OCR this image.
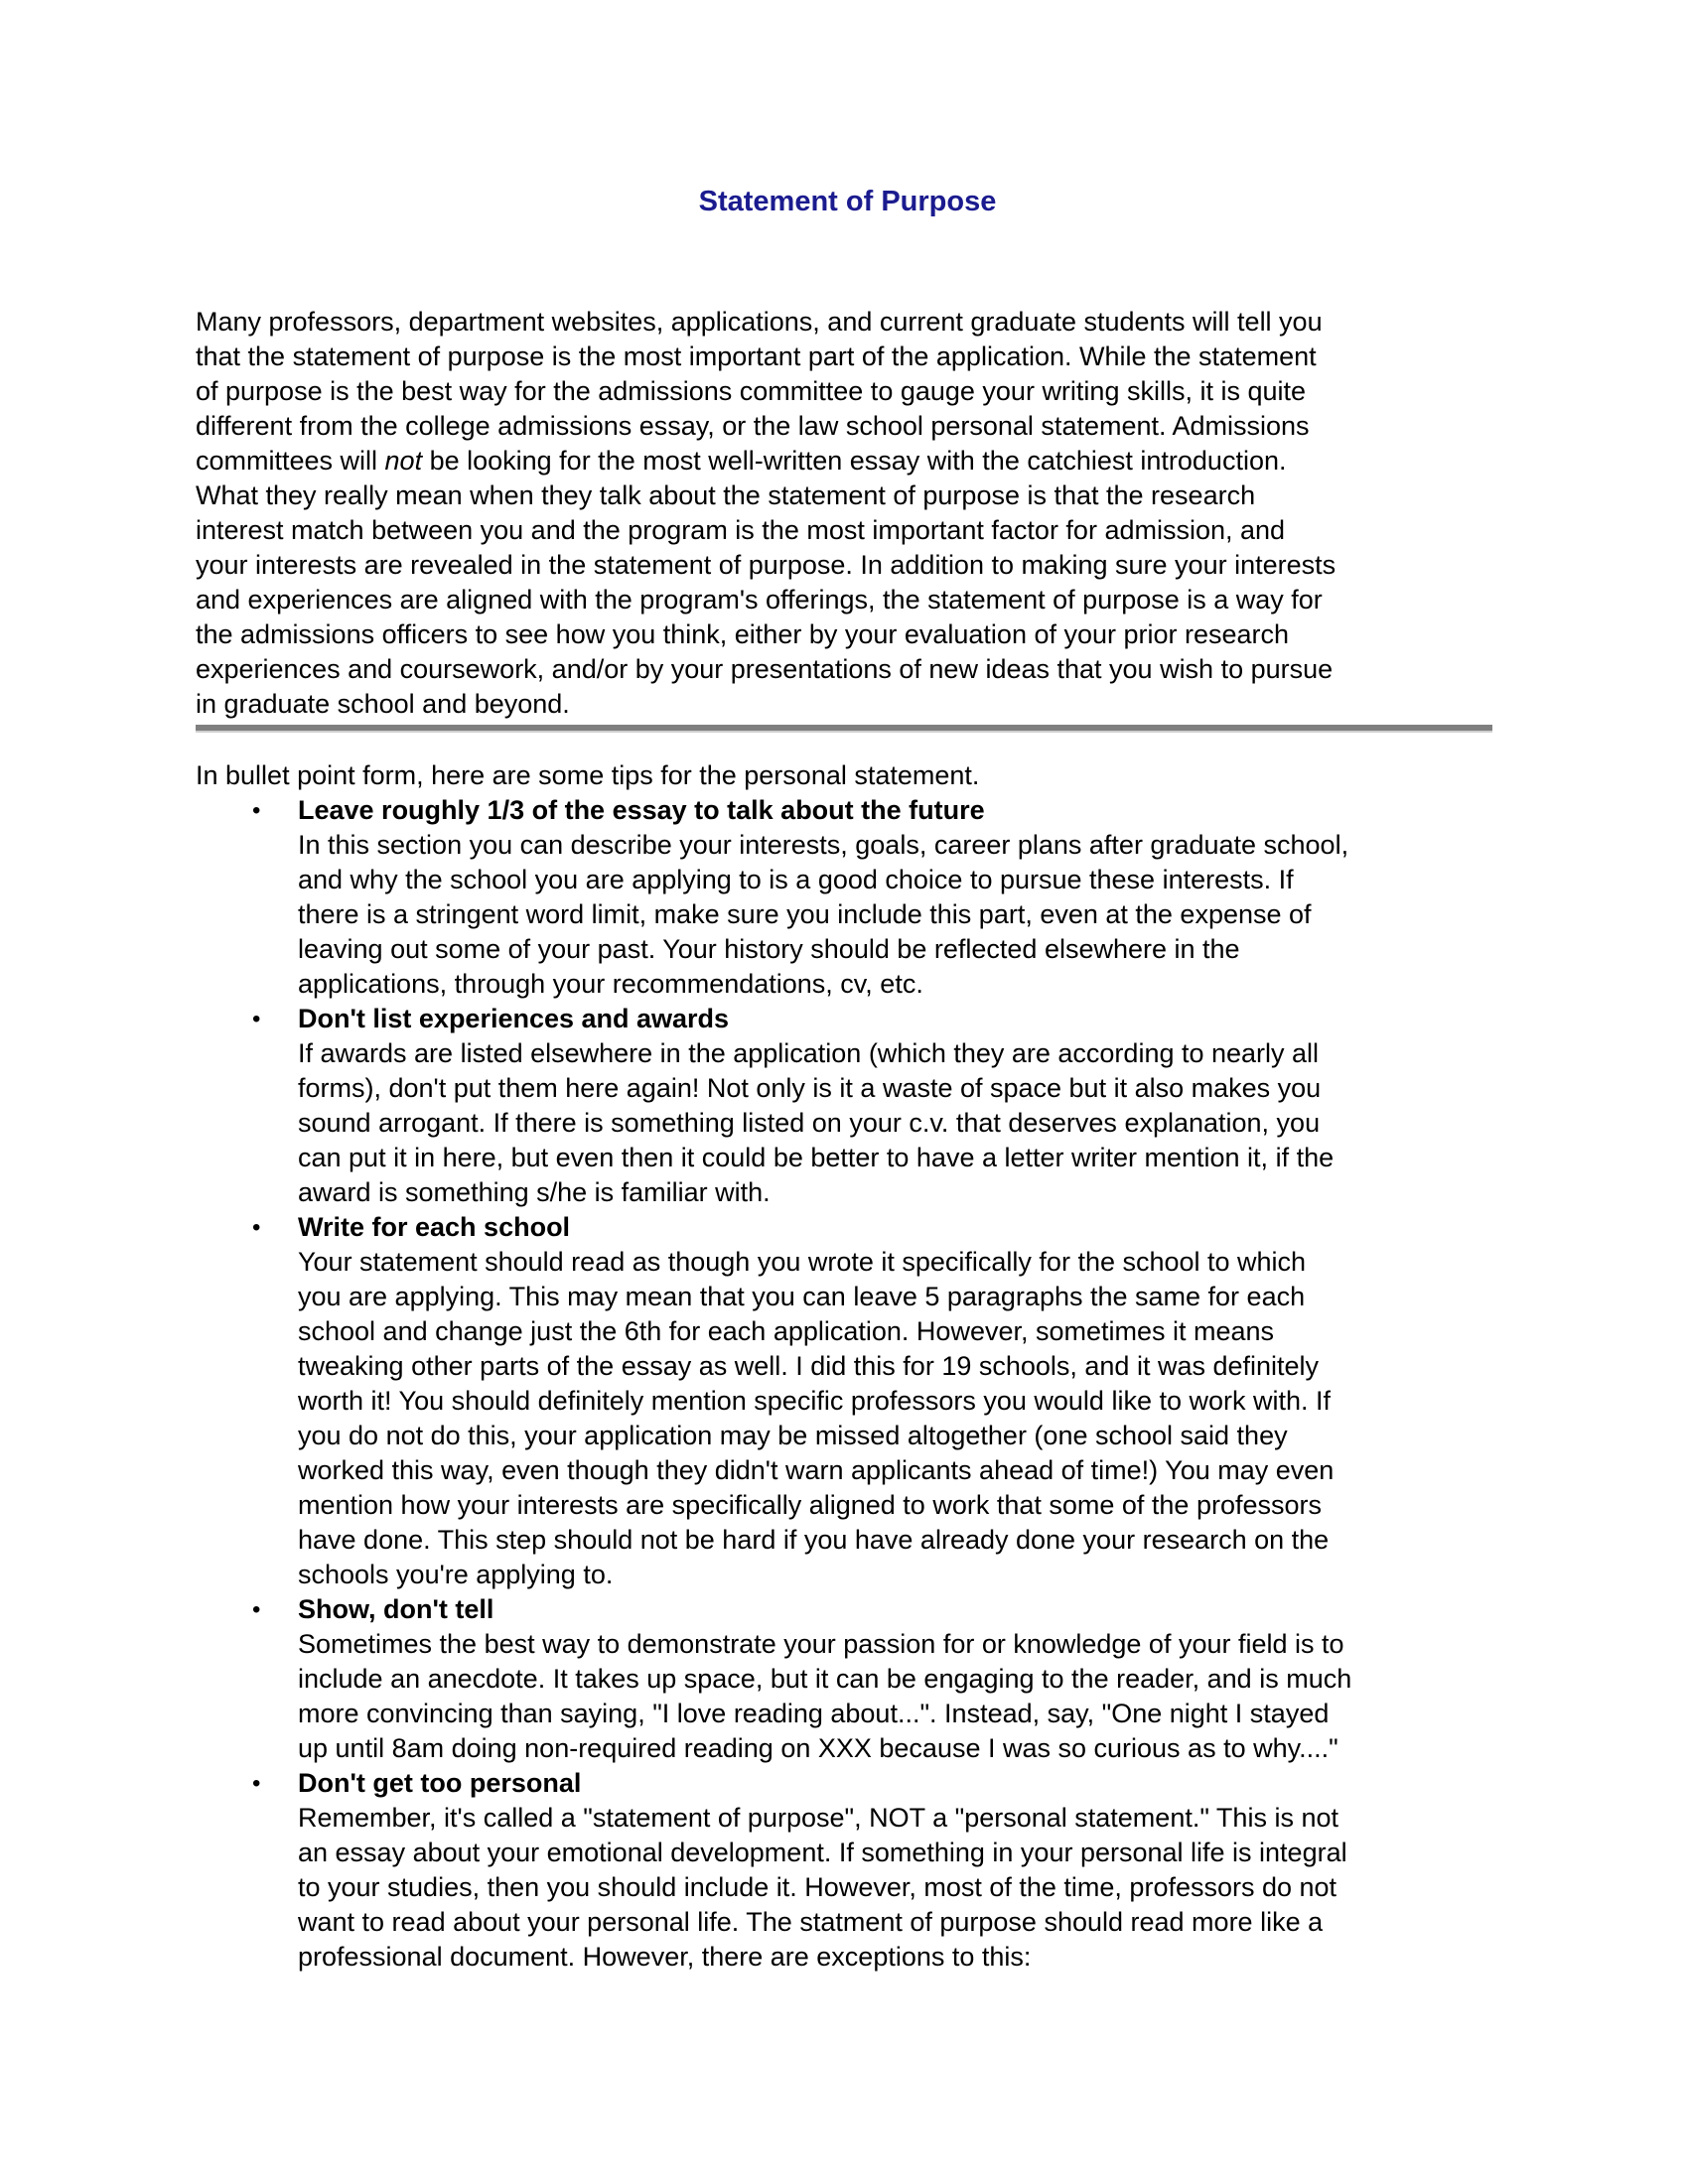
Statement of Purpose
Many professors, department websites, applications, and current graduate students will tell you
that the statement of purpose is the most important part of the application. While the statement
of purpose is the best way for the admissions committee to gauge your writing skills, it is quite
different from the college admissions essay, or the law school personal statement. Admissions
committees will not be looking for the most well-written essay with the catchiest introduction.
What they really mean when they talk about the statement of purpose is that the research
interest match between you and the program is the most important factor for admission, and
your interests are revealed in the statement of purpose. In addition to making sure your interests
and experiences are aligned with the program's offerings, the statement of purpose is a way for
the admissions officers to see how you think, either by your evaluation of your prior research
experiences and coursework, and/or by your presentations of new ideas that you wish to pursue
in graduate school and beyond.
In bullet point form, here are some tips for the personal statement.
• Leave roughly 1/3 of the essay to talk about the future
In this section you can describe your interests, goals, career plans after graduate school,
and why the school you are applying to is a good choice to pursue these interests. If
there is a stringent word limit, make sure you include this part, even at the expense of
leaving out some of your past. Your history should be reflected elsewhere in the
applications, through your recommendations, cv, etc.
• Don't list experiences and awards
If awards are listed elsewhere in the application (which they are according to nearly all
forms), don't put them here again! Not only is it a waste of space but it also makes you
sound arrogant. If there is something listed on your c.v. that deserves explanation, you
can put it in here, but even then it could be better to have a letter writer mention it, if the
award is something s/he is familiar with.
• Write for each school
Your statement should read as though you wrote it specifically for the school to which
you are applying. This may mean that you can leave 5 paragraphs the same for each
school and change just the 6th for each application. However, sometimes it means
tweaking other parts of the essay as well. I did this for 19 schools, and it was definitely
worth it! You should definitely mention specific professors you would like to work with. If
you do not do this, your application may be missed altogether (one school said they
worked this way, even though they didn't warn applicants ahead of time!) You may even
mention how your interests are specifically aligned to work that some of the professors
have done. This step should not be hard if you have already done your research on the
schools you're applying to.
• Show, don't tell
Sometimes the best way to demonstrate your passion for or knowledge of your field is to
include an anecdote. It takes up space, but it can be engaging to the reader, and is much
more convincing than saying, "I love reading about...". Instead, say, "One night I stayed
up until 8am doing non-required reading on XXX because I was so curious as to why...."
• Don't get too personal
Remember, it's called a "statement of purpose", NOT a "personal statement." This is not
an essay about your emotional development. If something in your personal life is integral
to your studies, then you should include it. However, most of the time, professors do not
want to read about your personal life. The statment of purpose should read more like a
professional document. However, there are exceptions to this:
